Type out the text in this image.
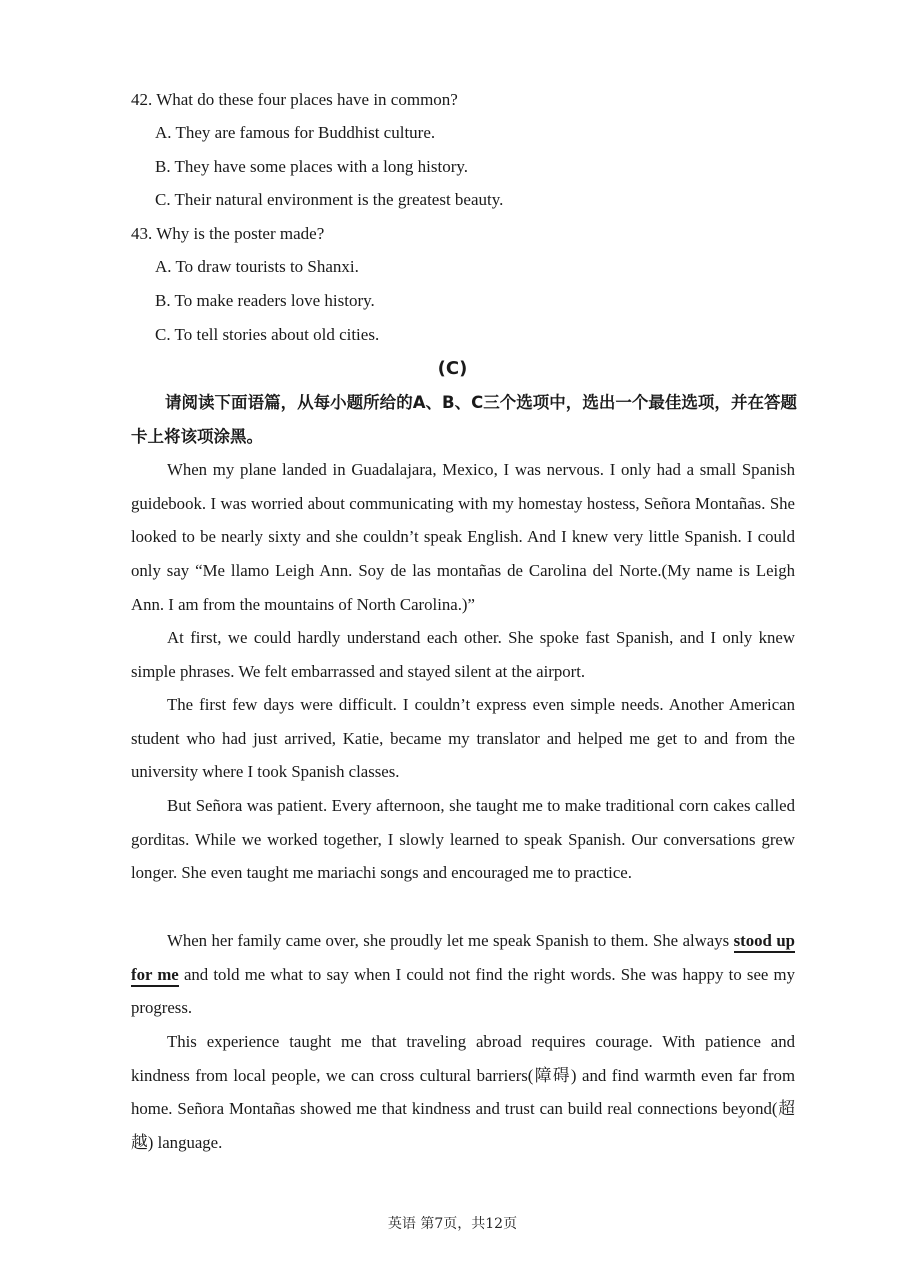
42. What do these four places have in common?
A. They are famous for Buddhist culture.
B. They have some places with a long history.
C. Their natural environment is the greatest beauty.
43. Why is the poster made?
A. To draw tourists to Shanxi.
B. To make readers love history.
C. To tell stories about old cities.
(C)
请阅读下面语篇，从每小题所给的A、B、C三个选项中，选出一个最佳选项，并在答题卡上将该项涂黑。
When my plane landed in Guadalajara, Mexico, I was nervous. I only had a small Spanish guidebook. I was worried about communicating with my homestay hostess, Señora Montañas. She looked to be nearly sixty and she couldn’t speak English. And I knew very little Spanish. I could only say “Me llamo Leigh Ann. Soy de las montañas de Carolina del Norte.(My name is Leigh Ann. I am from the mountains of North Carolina.)”
At first, we could hardly understand each other. She spoke fast Spanish, and I only knew simple phrases. We felt embarrassed and stayed silent at the airport.
The first few days were difficult. I couldn’t express even simple needs. Another American student who had just arrived, Katie, became my translator and helped me get to and from the university where I took Spanish classes.
But Señora was patient. Every afternoon, she taught me to make traditional corn cakes called gorditas. While we worked together, I slowly learned to speak Spanish. Our conversations grew longer. She even taught me mariachi songs and encouraged me to practice.
When her family came over, she proudly let me speak Spanish to them. She always stood up for me and told me what to say when I could not find the right words. She was happy to see my progress.
This experience taught me that traveling abroad requires courage. With patience and kindness from local people, we can cross cultural barriers(障碍) and find warmth even far from home. Señora Montañas showed me that kindness and trust can build real connections beyond(超越) language.
英语 第7页，共12页
